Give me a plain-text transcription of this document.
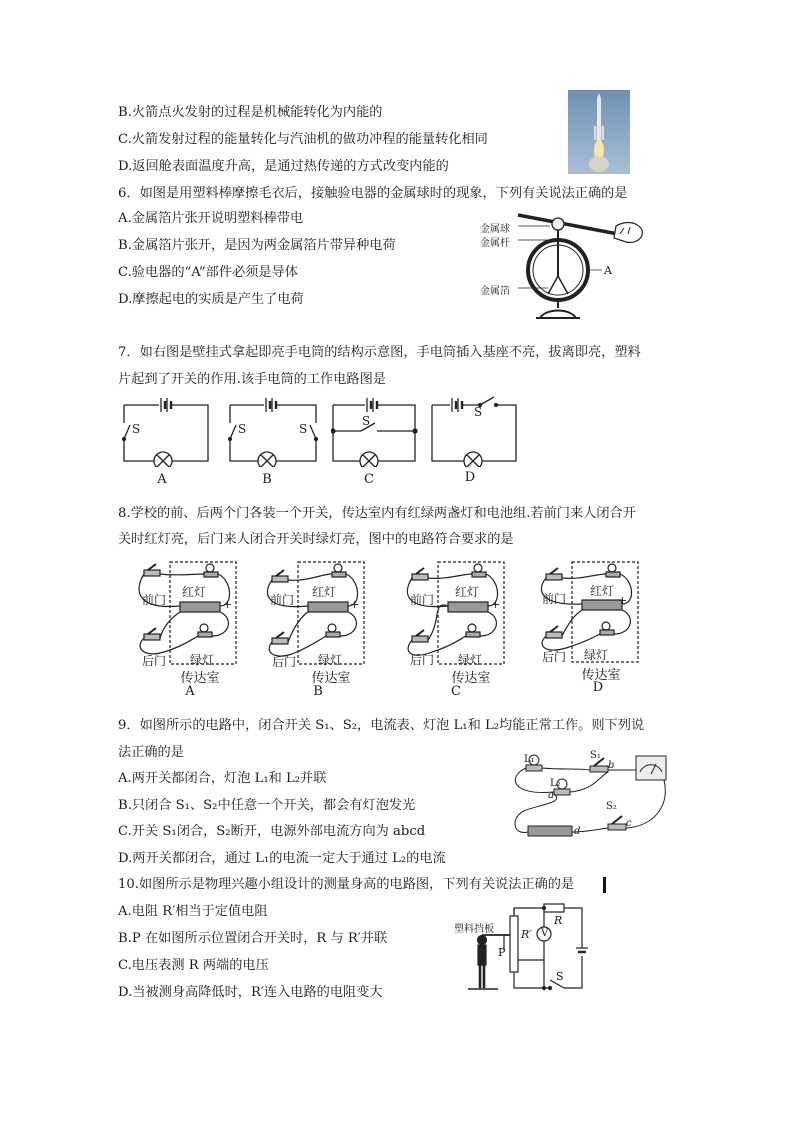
B.火箭点火发射的过程是机械能转化为内能的
C.火箭发射过程的能量转化与汽油机的做功冲程的能量转化相同
D.返回舱表面温度升高，是通过热传递的方式改变内能的
6．如图是用塑料棒摩擦毛衣后，接触验电器的金属球时的现象，下列有关说法正确的是
A.金属箔片张开说明塑料棒带电
B.金属箔片张开，是因为两金属箔片带异种电荷
C.验电器的“A”部件必须是导体
D.摩擦起电的实质是产生了电荷
金属球
金属杆
金属箔
A
7．如右图是壁挂式拿起即亮手电筒的结构示意图，手电筒插入基座不亮，拔离即亮，塑料
片起到了开关的作用.该手电筒的工作电路图是
S
A
S	S
B
S
C
S
D
8.学校的前、后两个门各装一个开关，传达室内有红绿两盏灯和电池组.若前门来人闭合开
关时红灯亮，后门来人闭合开关时绿灯亮，图中的电路符合要求的是
前门
红灯
+
后门 绿灯
传达室
A
前门
红灯
+
后门 绿灯
传达室
B
前门
红灯
+
后门 绿灯
传达室
C
前门
红灯
+
后门 绿灯
传达室
D
9．如图所示的电路中，闭合开关 S₁、S₂，电流表、灯泡 L₁和 L₂均能正常工作。则下列说
法正确的是
A.两开关都闭合，灯泡 L₁和 L₂并联
B.只闭合 S₁、S₂中任意一个开关，都会有灯泡发光
C.开关 S₁闭合，S₂断开，电源外部电流方向为 abcd
D.两开关都闭合，通过 L₁的电流一定大于通过 L₂的电流
L₁
L₂
S₁
S₂
b
a
c
d
10.如图所示是物理兴趣小组设计的测量身高的电路图，下列有关说法正确的是
A.电阻 R′相当于定值电阻
B.P 在如图所示位置闭合开关时，R 与 R′并联
C.电压表测 R 两端的电压
D.当被测身高降低时，R′连入电路的电阻变大
塑料挡板 R′
R
P
V
S
